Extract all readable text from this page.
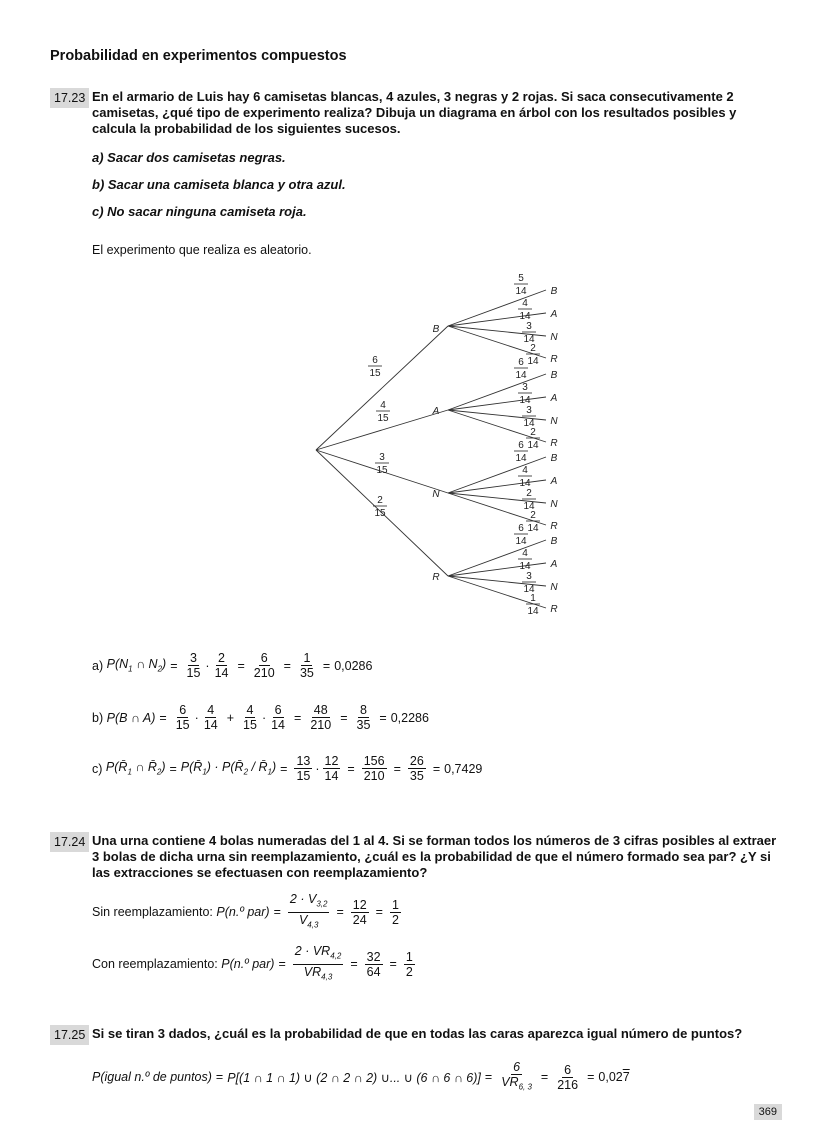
Probabilidad en experimentos compuestos
17.23 En el armario de Luis hay 6 camisetas blancas, 4 azules, 3 negras y 2 rojas. Si saca consecutivamente 2 camisetas, ¿qué tipo de experimento realiza? Dibuja un diagrama en árbol con los resultados posibles y calcula la probabilidad de los siguientes sucesos.
a) Sacar dos camisetas negras.
b) Sacar una camiseta blanca y otra azul.
c) No sacar ninguna camiseta roja.
El experimento que realiza es aleatorio.
B
6
15
B
5
14
A
4
14
N
3
14
R
2
14
A
4
15
B
6
14
A
3
14
N
3
14
R
2
14
N
3
15
B
6
14
A
4
14
N
2
14
R
2
14
R
2
15
B
6
14
A
4
14
N
3
14
R
1
14
a)
$P(N_1$ ∩ $N_2) = \frac{3}{15} \cdot \frac{2}{14} = \frac{6}{210} = \frac{1}{35} = 0,0286$
b)
P(B ∩ $A) = \frac{6}{15} \cdot \frac{4}{14} + \frac{4}{15} \cdot \frac{6}{14} = \frac{48}{210} = \frac{8}{35} = 0,2286$
c)
$P(R̄_1$ ∩ $R̄_2$) = $P(R̄_1)$ · $P(R̄_2$ / $R̄_1) = \frac{13}{15} \cdot \frac{12}{14} = \frac{156}{210} = \frac{26}{35} = 0,7429$
17.24 Una urna contiene 4 bolas numeradas del 1 al 4. Si se forman todos los números de 3 cifras posibles al extraer 3 bolas de dicha urna sin reemplazamiento, ¿cuál es la probabilidad de que el número formado sea par? ¿Y si las extracciones se efectuasen con reemplazamiento?
Sin reemplazamiento:
P(n.º $par) = \frac{2 \cdot V_{3,2}}{V_{4,3}} = \frac{12}{24} = \frac{1}{2}$
Con reemplazamiento:
P(n.º $par) = \frac{2 \cdot VR_{4,2}}{VR_{4,3}} = \frac{32}{64} = \frac{1}{2}$
17.25 Si se tiran 3 dados, ¿cuál es la probabilidad de que en todas las caras aparezca igual número de puntos?
P(igual n.º de puntos) = P[(1 ∩ 1 ∩ 1) ∪ (2 ∩ 2 ∩ 2) ∪... ∪ (6 ∩ 6 ∩ $6)] = \frac{6}{VR_{6, 3}} = \frac{6}{216} = 0,027$
369
